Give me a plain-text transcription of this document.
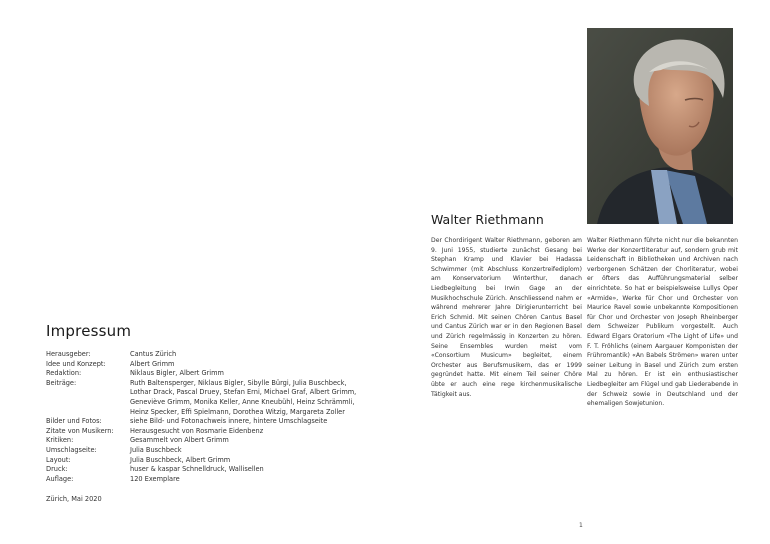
Impressum
Herausgeber:	Cantus Zürich
Idee und Konzept:	Albert Grimm
Redaktion:	Niklaus Bigler, Albert Grimm
Beiträge:	Ruth Baltensperger, Niklaus Bigler, Sibylle Bürgi, Julia Buschbeck, Lothar Drack, Pascal Druey, Stefan Erni, Michael Graf, Albert Grimm, Geneviève Grimm, Monika Keller, Anne Kneubühl, Heinz Schrämmli, Heinz Specker, Effi Spielmann, Dorothea Witzig, Margareta Zoller
Bilder und Fotos:	siehe Bild- und Fotonachweis innere, hintere Umschlagseite
Zitate von Musikern:	Herausgesucht von Rosmarie Eidenbenz
Kritiken:	Gesammelt von Albert Grimm
Umschlagseite:	Julia Buschbeck
Layout:	Julia Buschbeck, Albert Grimm
Druck:	huser & kaspar Schnelldruck, Wallisellen
Auflage:	120 Exemplare
Zürich, Mai 2020
Walter Riethmann
Der Chordirigent Walter Riethmann, geboren am 9. Juni 1955, studierte zunächst Gesang bei Stephan Kramp und Klavier bei Hadassa Schwimmer (mit Abschluss Konzertreifediplom) am Konservatorium Winterthur, danach Liedbegleitung bei Irwin Gage an der Musikhochschule Zürich. Anschliessend nahm er während mehrerer Jahre Dirigierunterricht bei Erich Schmid. Mit seinen Chören Cantus Basel und Cantus Zürich war er in den Regionen Basel und Zürich regelmässig in Konzerten zu hören. Seine Ensembles wurden meist vom «Consortium Musicum» begleitet, einem Orchester aus Berufsmusikern, das er 1999 gegründet hatte. Mit einem Teil seiner Chöre übte er auch eine rege kirchenmusikalische Tätigkeit aus.
Walter Riethmann führte nicht nur die bekannten Werke der Konzertliteratur auf, sondern grub mit Leidenschaft in Bibliotheken und Archiven nach verborgenen Schätzen der Chorliteratur, wobei er öfters das Aufführungsmaterial selber einrichtete. So hat er beispielsweise Lullys Oper «Armide», Werke für Chor und Orchester von Maurice Ravel sowie unbekannte Kompositionen für Chor und Orchester von Joseph Rheinberger dem Schweizer Publikum vorgestellt. Auch Edward Elgars Oratorium «The Light of Life» und F. T. Fröhlichs (einem Aargauer Komponisten der Frühromantik) «An Babels Strömen» waren unter seiner Leitung in Basel und Zürich zum ersten Mal zu hören. Er ist ein enthusiastischer Liedbegleiter am Flügel und gab Liederabende in der Schweiz sowie in Deutschland und der ehemaligen Sowjetunion.
1
